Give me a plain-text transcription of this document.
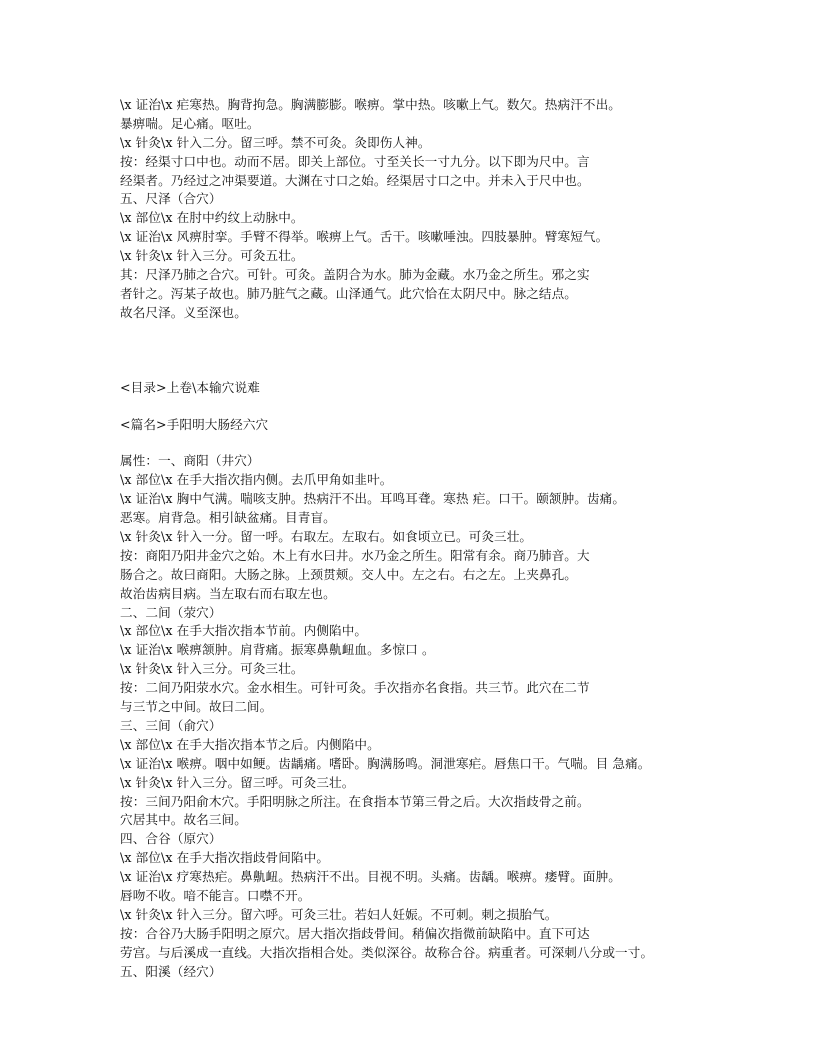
\x 证治\x 疟寒热。胸背拘急。胸满膨膨。喉痹。掌中热。咳嗽上气。数欠。热病汗不出。
暴痹喘。足心痛。呕吐。
\x 针灸\x 针入二分。留三呼。禁不可灸。灸即伤人神。
按：经渠寸口中也。动而不居。即关上部位。寸至关长一寸九分。以下即为尺中。言
经渠者。乃经过之冲渠要道。大渊在寸口之始。经渠居寸口之中。并未入于尺中也。
五、尺泽（合穴）
\x 部位\x 在肘中约纹上动脉中。
\x 证治\x 风痹肘挛。手臂不得举。喉痹上气。舌干。咳嗽唾浊。四肢暴肿。臂寒短气。
\x 针灸\x 针入三分。可灸五壮。
其：尺泽乃肺之合穴。可针。可灸。盖阴合为水。肺为金藏。水乃金之所生。邪之实
者针之。泻某子故也。肺乃脏气之藏。山泽通气。此穴恰在太阴尺中。脉之结点。
故名尺泽。义至深也。
<目录>上卷\本输穴说难
<篇名>手阳明大肠经六穴
属性：一、商阳（井穴）
\x 部位\x 在手大指次指内侧。去爪甲角如韭叶。
\x 证治\x 胸中气满。喘咳支肿。热病汗不出。耳鸣耳聋。寒热 疟。口干。颐颔肿。齿痛。
恶寒。肩背急。相引缺盆痛。目青盲。
\x 针灸\x 针入一分。留一呼。右取左。左取右。如食顷立已。可灸三壮。
按：商阳乃阳井金穴之始。木上有水曰井。水乃金之所生。阳常有余。商乃肺音。大
肠合之。故曰商阳。大肠之脉。上颈贯颊。交人中。左之右。右之左。上夹鼻孔。
故治齿病目病。当左取右而右取左也。
二、二间（荥穴）
\x 部位\x 在手大指次指本节前。内侧陷中。
\x 证治\x 喉痹颔肿。肩背痛。振寒鼻鼽衄血。多惊口 。
\x 针灸\x 针入三分。可灸三壮。
按：二间乃阳荥水穴。金水相生。可针可灸。手次指亦名食指。共三节。此穴在二节
与三节之中间。故曰二间。
三、三间（俞穴）
\x 部位\x 在手大指次指本节之后。内侧陷中。
\x 证治\x 喉痹。咽中如鲠。齿龋痛。嗜卧。胸满肠鸣。洞泄寒疟。唇焦口干。气喘。目 急痛。
\x 针灸\x 针入三分。留三呼。可灸三壮。
按：三间乃阳俞木穴。手阳明脉之所注。在食指本节第三骨之后。大次指歧骨之前。
穴居其中。故名三间。
四、合谷（原穴）
\x 部位\x 在手大指次指歧骨间陷中。
\x 证治\x 疗寒热疟。鼻鼽衄。热病汗不出。目视不明。头痛。齿龋。喉痹。痿臂。面肿。
唇吻不收。喑不能言。口噤不开。
\x 针灸\x 针入三分。留六呼。可灸三壮。若妇人妊娠。不可刺。刺之损胎气。
按：合谷乃大肠手阳明之原穴。居大指次指歧骨间。稍偏次指微前缺陷中。直下可达
劳宫。与后溪成一直线。大指次指相合处。类似深谷。故称合谷。病重者。可深刺八分或一寸。
五、阳溪（经穴）
